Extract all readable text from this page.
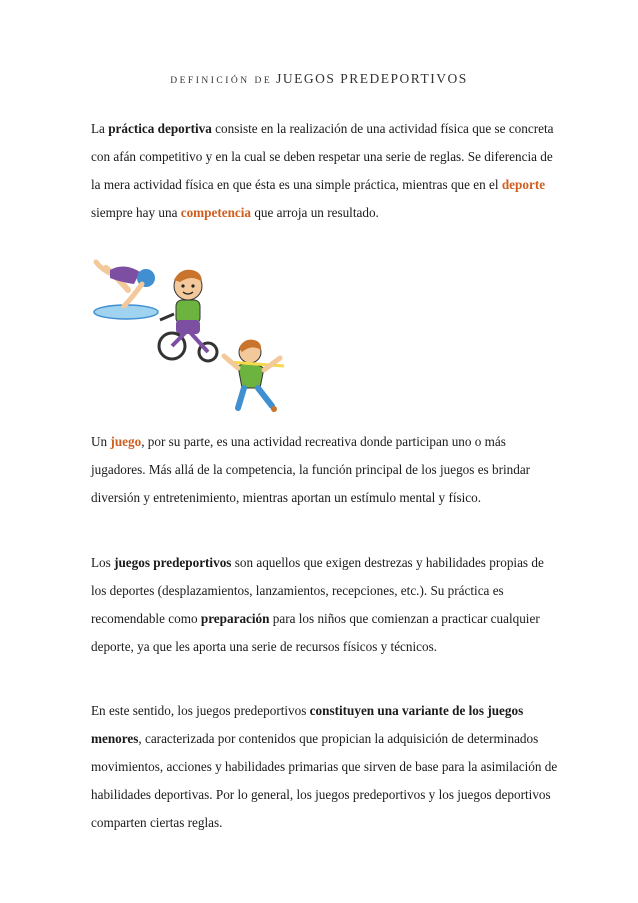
DEFINICIÓN DE JUEGOS PREDEPORTIVOS

La práctica deportiva consiste en la realización de una actividad física que se concreta con afán competitivo y en la cual se deben respetar una serie de reglas. Se diferencia de la mera actividad física en que ésta es una simple práctica, mientras que en el deporte siempre hay una competencia que arroja un resultado.

Un juego, por su parte, es una actividad recreativa donde participan uno o más jugadores. Más allá de la competencia, la función principal de los juegos es brindar diversión y entretenimiento, mientras aportan un estímulo mental y físico.

Los juegos predeportivos son aquellos que exigen destrezas y habilidades propias de los deportes (desplazamientos, lanzamientos, recepciones, etc.). Su práctica es recomendable como preparación para los niños que comienzan a practicar cualquier deporte, ya que les aporta una serie de recursos físicos y técnicos.

En este sentido, los juegos predeportivos constituyen una variante de los juegos menores, caracterizada por contenidos que propician la adquisición de determinados movimientos, acciones y habilidades primarias que sirven de base para la asimilación de habilidades deportivas. Por lo general, los juegos predeportivos y los juegos deportivos comparten ciertas reglas.
